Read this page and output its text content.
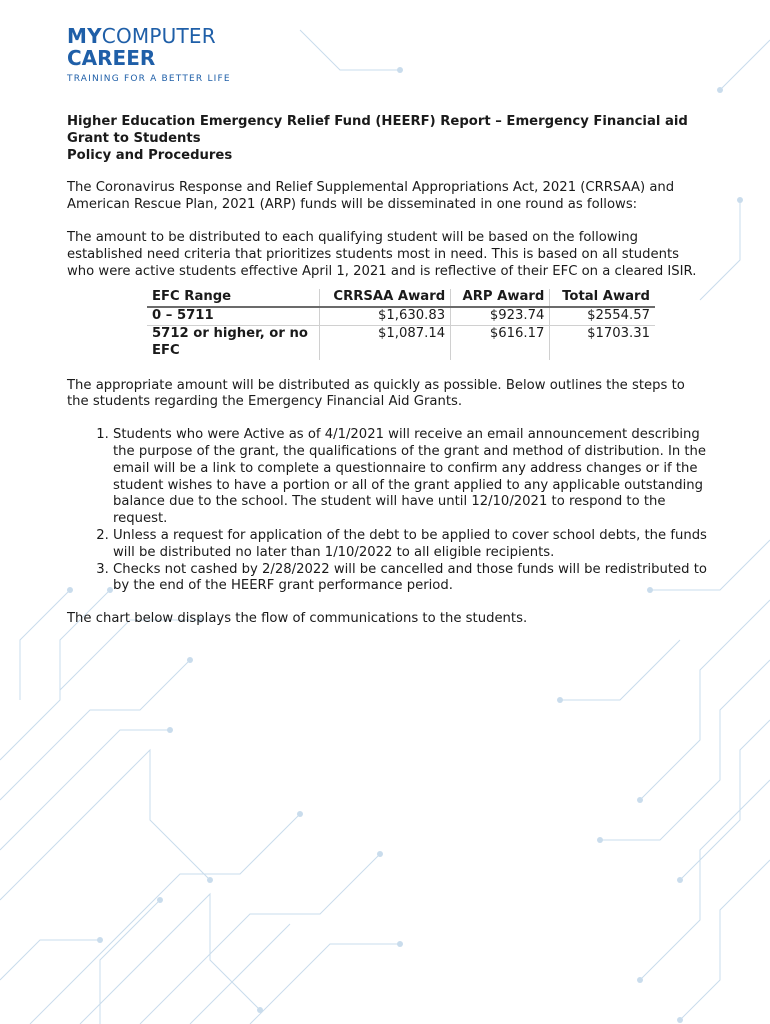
MYCOMPUTER
CAREER
TRAINING FOR A BETTER LIFE

Higher Education Emergency Relief Fund (HEERF) Report – Emergency Financial aid Grant to Students
Policy and Procedures

The Coronavirus Response and Relief Supplemental Appropriations Act, 2021 (CRRSAA) and American Rescue Plan, 2021 (ARP) funds will be disseminated in one round as follows:

The amount to be distributed to each qualifying student will be based on the following established need criteria that prioritizes students most in need. This is based on all students who were active students effective April 1, 2021 and is reflective of their EFC on a cleared ISIR.

EFC Range	CRRSAA Award	ARP Award	Total Award
0 – 5711	$1,630.83	$923.74	$2554.57
5712 or higher, or no EFC	$1,087.14	$616.17	$1703.31

The appropriate amount will be distributed as quickly as possible. Below outlines the steps to the students regarding the Emergency Financial Aid Grants.

1. Students who were Active as of 4/1/2021 will receive an email announcement describing the purpose of the grant, the qualifications of the grant and method of distribution. In the email will be a link to complete a questionnaire to confirm any address changes or if the student wishes to have a portion or all of the grant applied to any applicable outstanding balance due to the school. The student will have until 12/10/2021 to respond to the request.
2. Unless a request for application of the debt to be applied to cover school debts, the funds will be distributed no later than 1/10/2022 to all eligible recipients.
3. Checks not cashed by 2/28/2022 will be cancelled and those funds will be redistributed to by the end of the HEERF grant performance period.

The chart below displays the flow of communications to the students.
